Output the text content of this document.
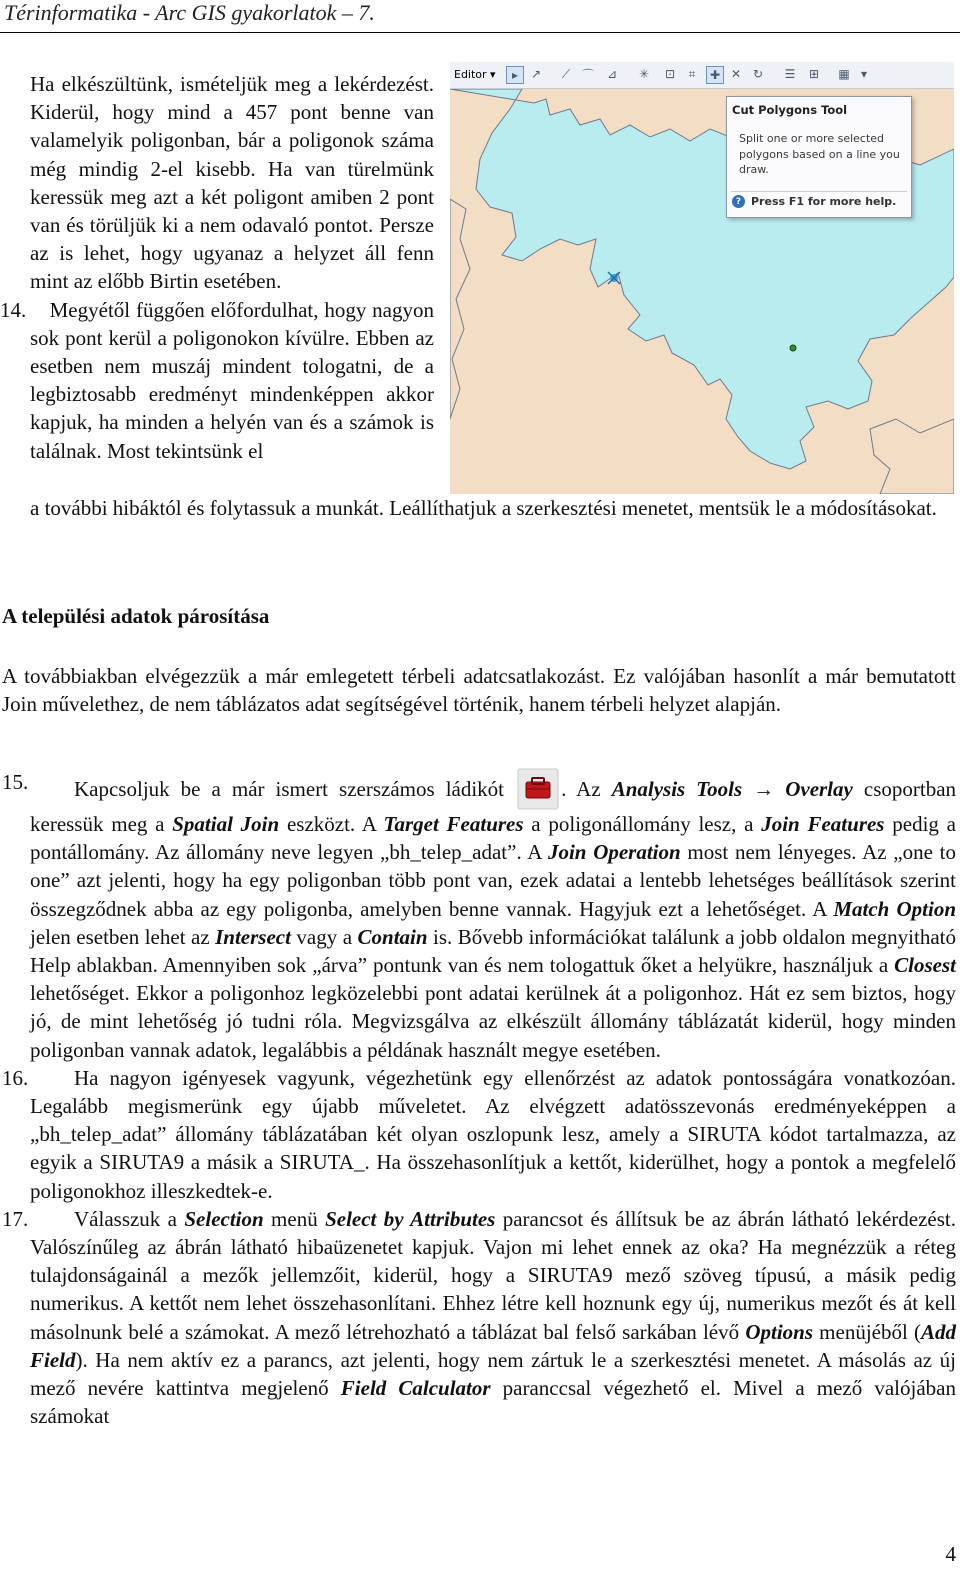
Térinformatika - Arc GIS gyakorlatok – 7.

Ha elkészültünk, ismételjük meg a lekérdezést. Kiderül, hogy mind a 457 pont benne van valamelyik poligonban, bár a poligonok száma még mindig 2-el kisebb. Ha van türelmünk keressük meg azt a két poligont amiben 2 pont van és törüljük ki a nem odavaló pontot. Persze az is lehet, hogy ugyanaz a helyzet áll fenn mint az előbb Birtin esetében.

14. Megyétől függően előfordulhat, hogy nagyon sok pont kerül a poligonokon kívülre. Ebben az esetben nem muszáj mindent tologatni, de a legbiztosabb eredményt mindenképpen akkor kapjuk, ha minden a helyén van és a számok is találnak. Most tekintsünk el

Editor ▾	▸	↗	⟋ ⌒ ⊿ ✳ ⊡	⌗	✚ ✕ ↻ ☰ ⊞ ▦ ▾
Cut Polygons Tool
Split one or more selected polygons based on a line you draw.
? Press F1 for more help.
a további hibáktól és folytassuk a munkát. Leállíthatjuk a szerkesztési menetet, mentsük le a módosításokat.
A települési adatok párosítása
A továbbiakban elvégezzük a már emlegetett térbeli adatcsatlakozást. Ez valójában hasonlít a már bemutatott Join művelethez, de nem táblázatos adat segítségével történik, hanem térbeli helyzet alapján.

15. Kapcsoljuk be a már ismert szerszámos ládikót	. Az Analysis Tools → Overlay csoportban keressük meg a Spatial Join eszközt. A Target Features a poligonállomány lesz, a Join Features pedig a pontállomány. Az állomány neve legyen „bh_telep_adat”. A Join Operation most nem lényeges. Az „one to one” azt jelenti, hogy ha egy poligonban több pont van, ezek adatai a lentebb lehetséges beállítások szerint összegződnek abba az egy poligonba, amelyben benne vannak. Hagyjuk ezt a lehetőséget. A Match Option jelen esetben lehet az Intersect vagy a Contain is. Bővebb információkat találunk a jobb oldalon megnyitható Help ablakban. Amennyiben sok „árva” pontunk van és nem tologattuk őket a helyükre, használjuk a Closest lehetőséget. Ekkor a poligonhoz legközelebbi pont adatai kerülnek át a poligonhoz. Hát ez sem biztos, hogy jó, de mint lehetőség jó tudni róla. Megvizsgálva az elkészült állomány táblázatát kiderül, hogy minden poligonban vannak adatok, legalábbis a példának használt megye esetében.

16. Ha nagyon igényesek vagyunk, végezhetünk egy ellenőrzést az adatok pontosságára vonatkozóan. Legalább megismerünk egy újabb műveletet. Az elvégzett adatösszevonás eredményeképpen a „bh_telep_adat” állomány táblázatában két olyan oszlopunk lesz, amely a SIRUTA kódot tartalmazza, az egyik a SIRUTA9 a másik a SIRUTA_. Ha összehasonlítjuk a kettőt, kiderülhet, hogy a pontok a megfelelő poligonokhoz illeszkedtek-e.

17. Válasszuk a Selection menü Select by Attributes parancsot és állítsuk be az ábrán látható lekérdezést. Valószínűleg az ábrán látható hibaüzenetet kapjuk. Vajon mi lehet ennek az oka? Ha megnézzük a réteg tulajdonságainál a mezők jellemzőit, kiderül, hogy a SIRUTA9 mező szöveg típusú, a másik pedig numerikus. A kettőt nem lehet összehasonlítani. Ehhez létre kell hoznunk egy új, numerikus mezőt és át kell másolnunk belé a számokat. A mező létrehozható a táblázat bal felső sarkában lévő Options menüjéből (Add Field). Ha nem aktív ez a parancs, azt jelenti, hogy nem zártuk le a szerkesztési menetet. A másolás az új mező nevére kattintva megjelenő Field Calculator paranccsal végezhető el. Mivel a mező valójában számokat

4
